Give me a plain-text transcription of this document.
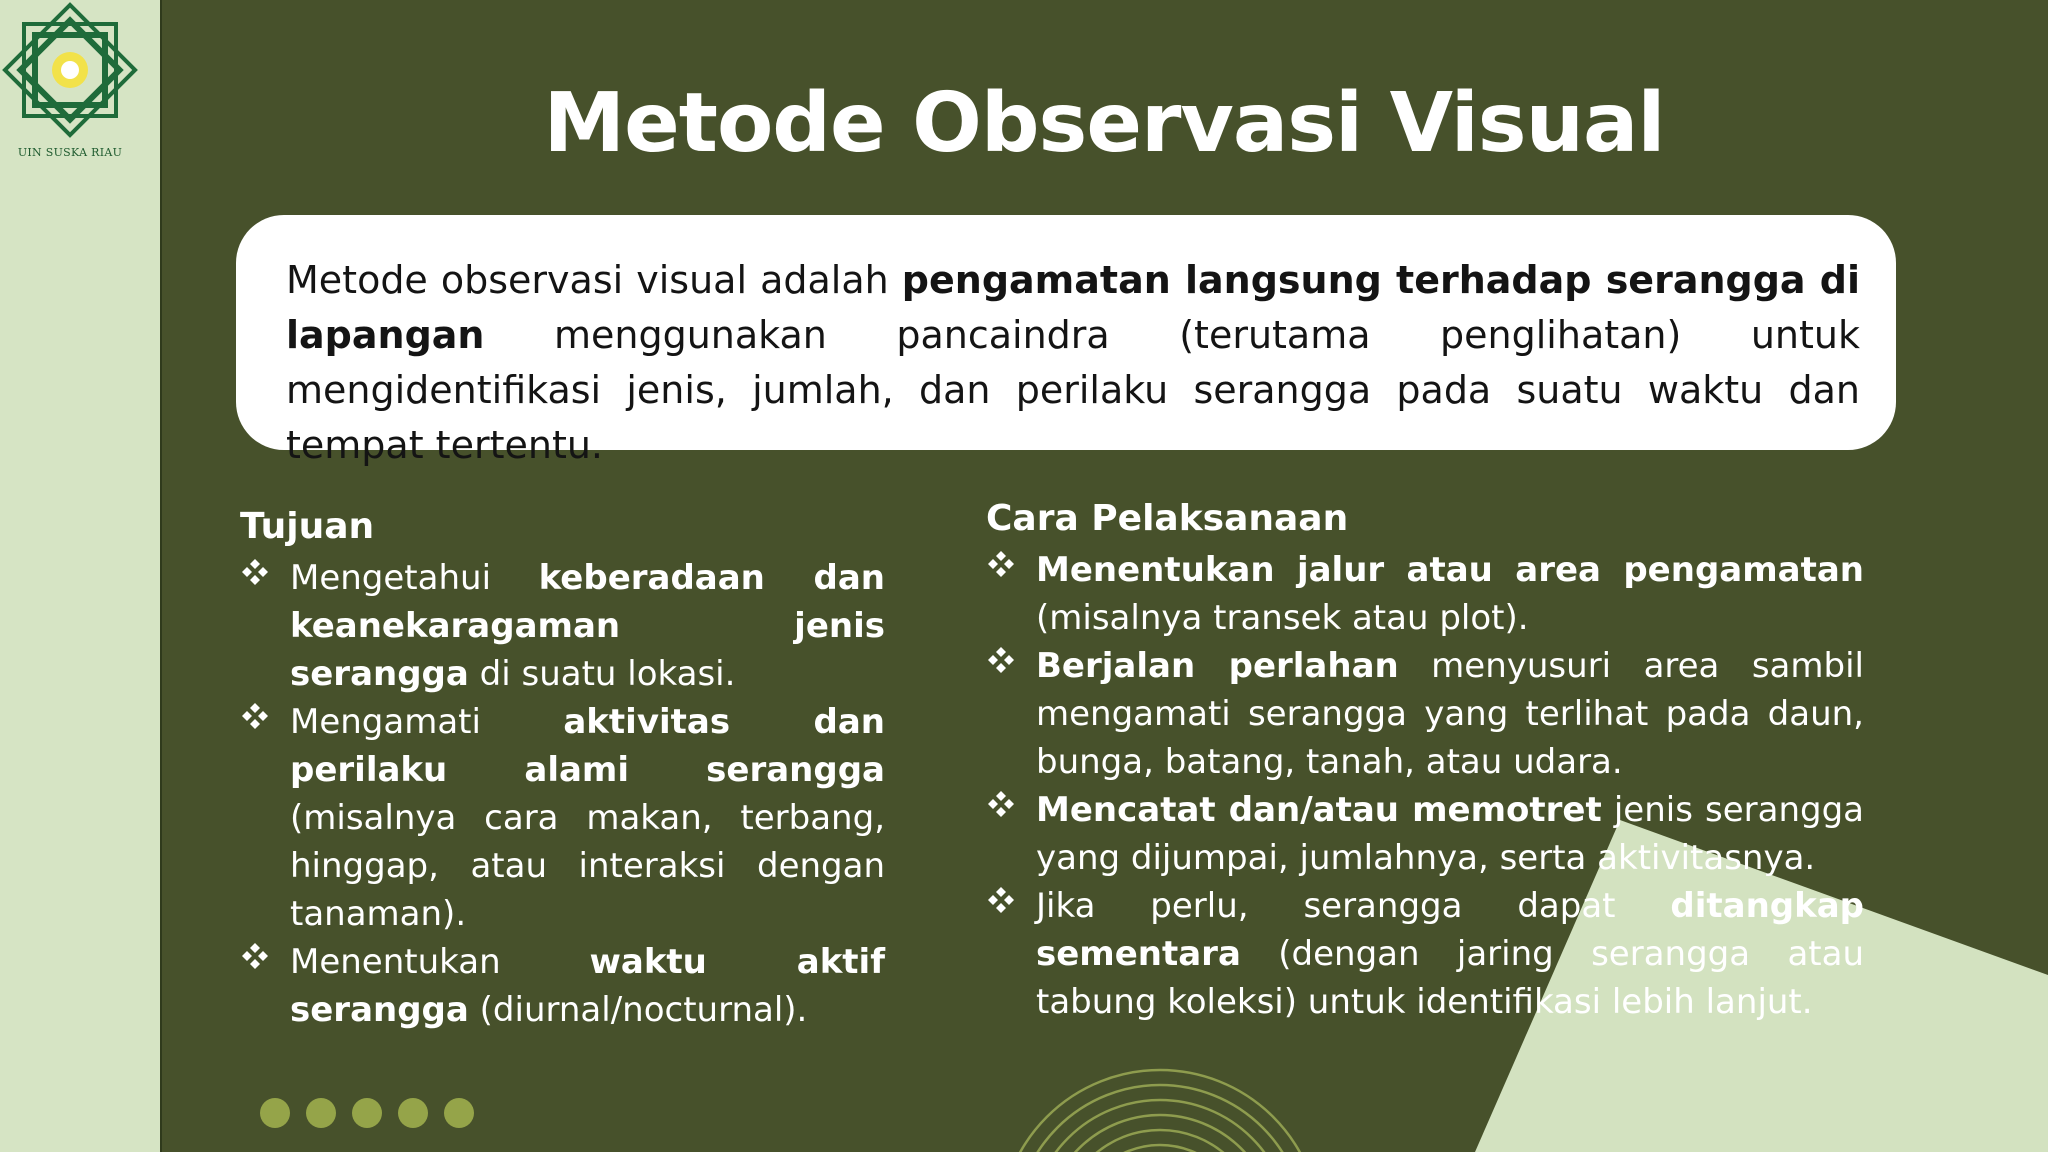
UIN SUSKA RIAU	Metode Observasi Visual
Metode observasi visual adalah pengamatan langsung terhadap serangga di lapangan menggunakan pancaindra (terutama penglihatan) untuk mengidentifikasi jenis, jumlah, dan perilaku serangga pada suatu waktu dan tempat tertentu.
Tujuan
Mengetahui keberadaan dan keanekaragaman jenis serangga di suatu lokasi.
Mengamati aktivitas dan perilaku alami serangga (misalnya cara makan, terbang, hinggap, atau interaksi dengan tanaman).
Menentukan waktu aktif serangga (diurnal/nocturnal).
Cara Pelaksanaan
Menentukan jalur atau area pengamatan (misalnya transek atau plot).
Berjalan perlahan menyusuri area sambil mengamati serangga yang terlihat pada daun, bunga, batang, tanah, atau udara.
Mencatat dan/atau memotret jenis serangga yang dijumpai, jumlahnya, serta aktivitasnya.
Jika perlu, serangga dapat ditangkap sementara (dengan jaring serangga atau tabung koleksi) untuk identifikasi lebih lanjut.
